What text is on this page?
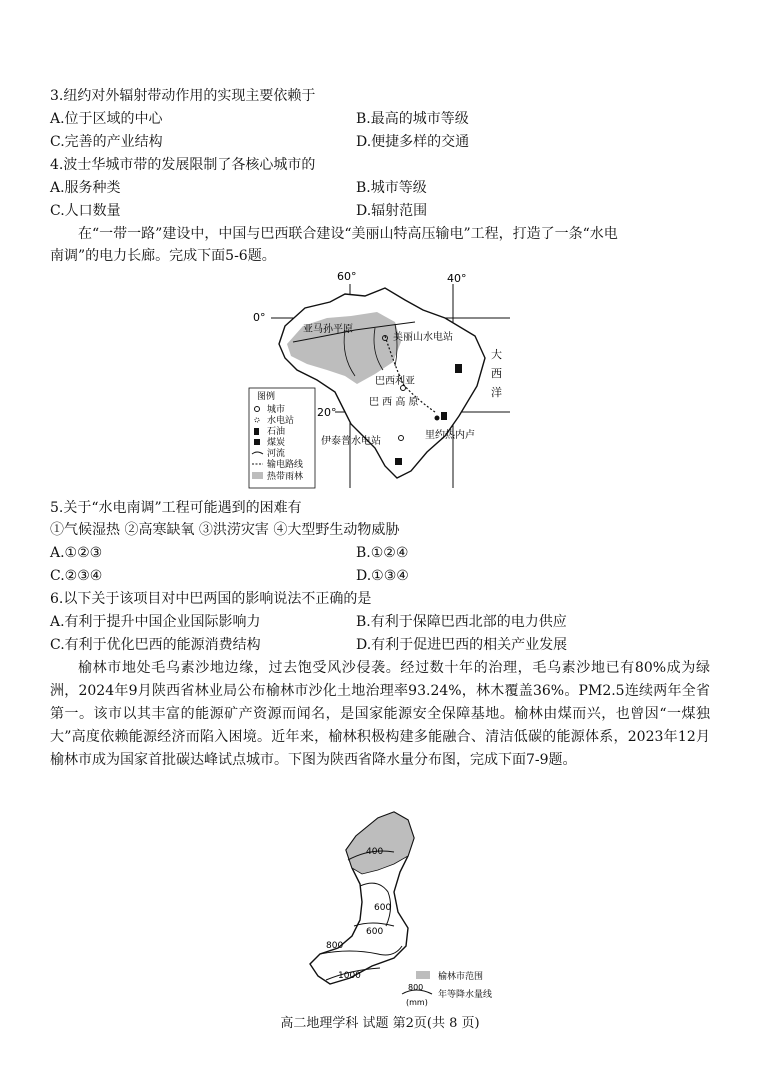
3.纽约对外辐射带动作用的实现主要依赖于
A.位于区域的中心	B.最高的城市等级
C.完善的产业结构	D.便捷多样的交通
4.波士华城市带的发展限制了各核心城市的
A.服务种类	B.城市等级
C.人口数量	D.辐射范围
在“一带一路”建设中，中国与巴西联合建设“美丽山特高压输电”工程，打造了一条“水电
南调”的电力长廊。完成下面5-6题。
60°	40°
0°
20°
亚马孙平原
美丽山水电站
巴西利亚
巴 西 高 原
伊泰普水电站
里约热内卢
大
西
洋
图例
城市
水电站
石油
煤炭
河流
输电路线
热带雨林
5.关于“水电南调”工程可能遇到的困难有
①气候湿热 ②高寒缺氧 ③洪涝灾害 ④大型野生动物威胁
A.①②③	B.①②④
C.②③④	D.①③④
6.以下关于该项目对中巴两国的影响说法不正确的是
A.有利于提升中国企业国际影响力	B.有利于保障巴西北部的电力供应
C.有利于优化巴西的能源消费结构	D.有利于促进巴西的相关产业发展

榆林市地处毛乌素沙地边缘，过去饱受风沙侵袭。经过数十年的治理，毛乌素沙地已有80%成为绿洲，2024年9月陕西省林业局公布榆林市沙化土地治理率93.24%，林木覆盖36%。PM2.5连续两年全省第一。该市以其丰富的能源矿产资源而闻名，是国家能源安全保障基地。榆林由煤而兴，也曾因“一煤独大”高度依赖能源经济而陷入困境。近年来，榆林积极构建多能融合、清洁低碳的能源体系，2023年12月榆林市成为国家首批碳达峰试点城市。下图为陕西省降水量分布图，完成下面7-9题。

400
600
600
800
1000	榆林市范围
800
(mm)
年等降水量线
高二地理学科 试题 第2页(共 8 页)
